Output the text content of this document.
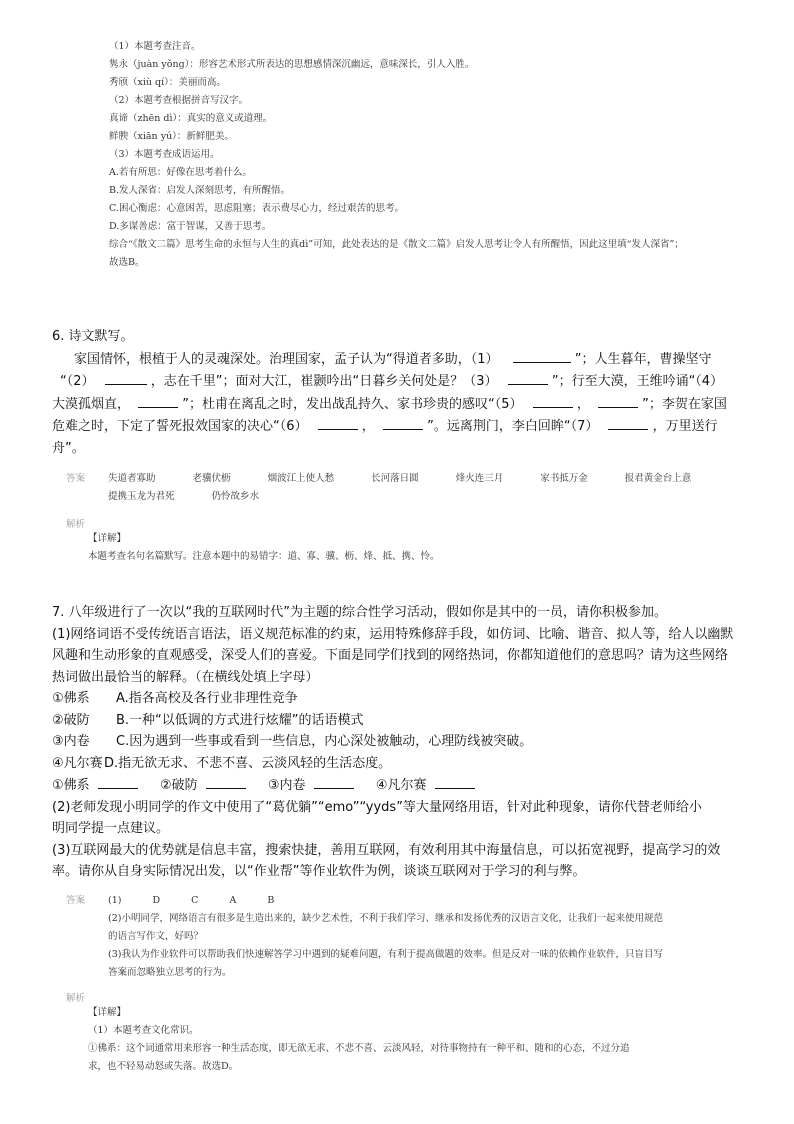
（1）本题考查注音。
隽永（juàn yǒng）：形容艺术形式所表达的思想感情深沉幽远，意味深长，引人入胜。
秀颀（xiù qí）：美丽而高。
（2）本题考查根据拼音写汉字。
真谛（zhēn dì）：真实的意义或道理。
鲜腴（xiān yú）：新鲜肥美。
（3）本题考查成语运用。
A.若有所思：好像在思考着什么。
B.发人深省：启发人深刻思考，有所醒悟。
C.困心衡虑：心意困苦，思虑阻塞；表示费尽心力，经过艰苦的思考。
D.多谋善虑：富于智谋，又善于思考。
综合“《散文二篇》思考生命的永恒与人生的真dì”可知，此处表达的是《散文二篇》启发人思考让令人有所醒悟，因此这里填“发人深省”；
故选B。
6. 诗文默写。
家国情怀，根植于人的灵魂深处。治理国家，孟子认为“得道者多助，（1）	”；人生暮年，曹操坚守
“（2）	，志在千里”；面对大江，崔颢吟出“日暮乡关何处是？（3）	”；行至大漠，王维吟诵“（4）
大漠孤烟直，	”；杜甫在离乱之时，发出战乱持久、家书珍贵的感叹“（5）	，	”；李贺在家国
危难之时，下定了誓死报效国家的决心“（6）	，	”。远离荆门，李白回眸“（7）	，万里送行
舟”。
答案 失道者寡助	老骥伏枥	烟波江上使人愁	长河落日圆	烽火连三月	家书抵万金	报君黄金台上意
提携玉龙为君死	仍怜故乡水
解析
【详解】
本题考查名句名篇默写。注意本题中的易错字：道、寡、骥、枥、烽、抵、携、怜。
7. 八年级进行了一次以“我的互联网时代”为主题的综合性学习活动，假如你是其中的一员，请你积极参加。
(1)网络词语不受传统语言语法，语义规范标准的约束，运用特殊修辞手段，如仿词、比喻、谐音、拟人等，给人以幽默
风趣和生动形象的直观感受，深受人们的喜爱。下面是同学们找到的网络热词，你都知道他们的意思吗？请为这些网络
热词做出最恰当的解释。（在横线处填上字母）
①佛系 A.指各高校及各行业非理性竞争
②破防 B.一种“以低调的方式进行炫耀”的话语模式
③内卷 C.因为遇到一些事或看到一些信息，内心深处被触动，心理防线被突破。
④凡尔赛D.指无欲无求、不悲不喜、云淡风轻的生活态度。
①佛系	②破防	③内卷	④凡尔赛
(2)老师发现小明同学的作文中使用了“葛优躺”“emo”“yyds”等大量网络用语，针对此种现象，请你代替老师给小
明同学提一点建议。
(3)互联网最大的优势就是信息丰富，搜索快捷，善用互联网，有效利用其中海量信息，可以拓宽视野，提高学习的效
率。请你从自身实际情况出发，以“作业帮”等作业软件为例，谈谈互联网对于学习的利与弊。
答案 (1)	D	C	A	B
(2)小明同学，网络语言有很多是生造出来的，缺少艺术性，不利于我们学习、继承和发扬优秀的汉语言文化，让我们一起来使用规范
的语言写作文，好吗？
(3)我认为作业软件可以帮助我们快速解答学习中遇到的疑难问题，有利于提高做题的效率。但是反对一味的依赖作业软件，只盲目写
答案而忽略独立思考的行为。
解析
【详解】
（1）本题考查文化常识。
①佛系：这个词通常用来形容一种生活态度，即无欲无求、不悲不喜、云淡风轻，对待事物持有一种平和、随和的心态，不过分追
求，也不轻易动怒或失落。故选D。
